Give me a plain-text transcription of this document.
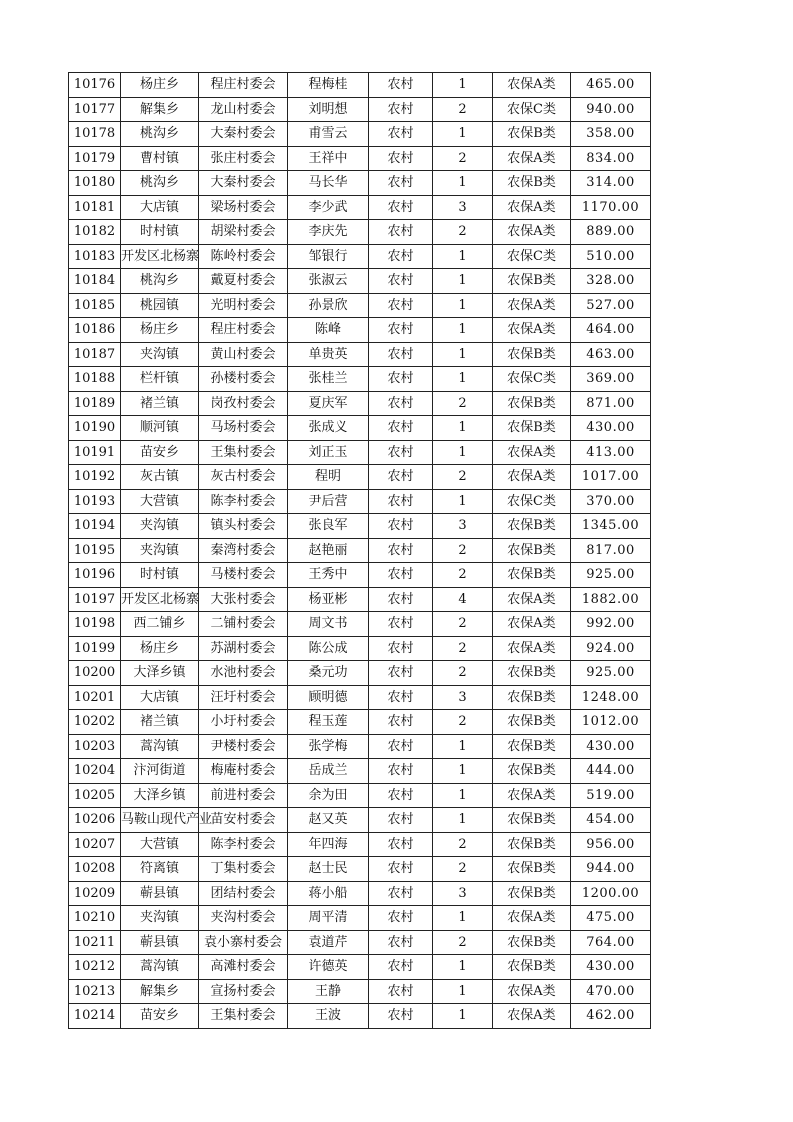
10176	杨庄乡	程庄村委会	程梅桂	农村	1	农保A类	465.00
10177	解集乡	龙山村委会	刘明想	农村	2	农保C类	940.00
10178	桃沟乡	大秦村委会	甫雪云	农村	1	农保B类	358.00
10179	曹村镇	张庄村委会	王祥中	农村	2	农保A类	834.00
10180	桃沟乡	大秦村委会	马长华	农村	1	农保B类	314.00
10181	大店镇	梁场村委会	李少武	农村	3	农保A类	1170.00
10182	时村镇	胡梁村委会	李庆先	农村	2	农保A类	889.00
10183	开发区北杨寨	陈岭村委会	邹银行	农村	1	农保C类	510.00
10184	桃沟乡	戴夏村委会	张淑云	农村	1	农保B类	328.00
10185	桃园镇	光明村委会	孙景欣	农村	1	农保A类	527.00
10186	杨庄乡	程庄村委会	陈峰	农村	1	农保A类	464.00
10187	夹沟镇	黄山村委会	单贵英	农村	1	农保B类	463.00
10188	栏杆镇	孙楼村委会	张桂兰	农村	1	农保C类	369.00
10189	褚兰镇	岗孜村委会	夏庆军	农村	2	农保B类	871.00
10190	顺河镇	马场村委会	张成义	农村	1	农保B类	430.00
10191	苗安乡	王集村委会	刘正玉	农村	1	农保A类	413.00
10192	灰古镇	灰古村委会	程明	农村	2	农保A类	1017.00
10193	大营镇	陈李村委会	尹后营	农村	1	农保C类	370.00
10194	夹沟镇	镇头村委会	张良军	农村	3	农保B类	1345.00
10195	夹沟镇	秦湾村委会	赵艳丽	农村	2	农保B类	817.00
10196	时村镇	马楼村委会	王秀中	农村	2	农保B类	925.00
10197	开发区北杨寨	大张村委会	杨亚彬	农村	4	农保A类	1882.00
10198	西二铺乡	二铺村委会	周文书	农村	2	农保A类	992.00
10199	杨庄乡	苏湖村委会	陈公成	农村	2	农保A类	924.00
10200	大泽乡镇	水池村委会	桑元功	农村	2	农保B类	925.00
10201	大店镇	汪圩村委会	顾明德	农村	3	农保B类	1248.00
10202	褚兰镇	小圩村委会	程玉莲	农村	2	农保B类	1012.00
10203	蒿沟镇	尹楼村委会	张学梅	农村	1	农保B类	430.00
10204	汴河街道	梅庵村委会	岳成兰	农村	1	农保B类	444.00
10205	大泽乡镇	前进村委会	余为田	农村	1	农保A类	519.00
10206	马鞍山现代产业	苗安村委会	赵又英	农村	1	农保B类	454.00
10207	大营镇	陈李村委会	年四海	农村	2	农保B类	956.00
10208	符离镇	丁集村委会	赵士民	农村	2	农保B类	944.00
10209	蕲县镇	团结村委会	蒋小船	农村	3	农保B类	1200.00
10210	夹沟镇	夹沟村委会	周平清	农村	1	农保A类	475.00
10211	蕲县镇	袁小寨村委会	袁道芹	农村	2	农保B类	764.00
10212	蒿沟镇	高滩村委会	许德英	农村	1	农保B类	430.00
10213	解集乡	宣扬村委会	王静	农村	1	农保A类	470.00
10214	苗安乡	王集村委会	王波	农村	1	农保A类	462.00
